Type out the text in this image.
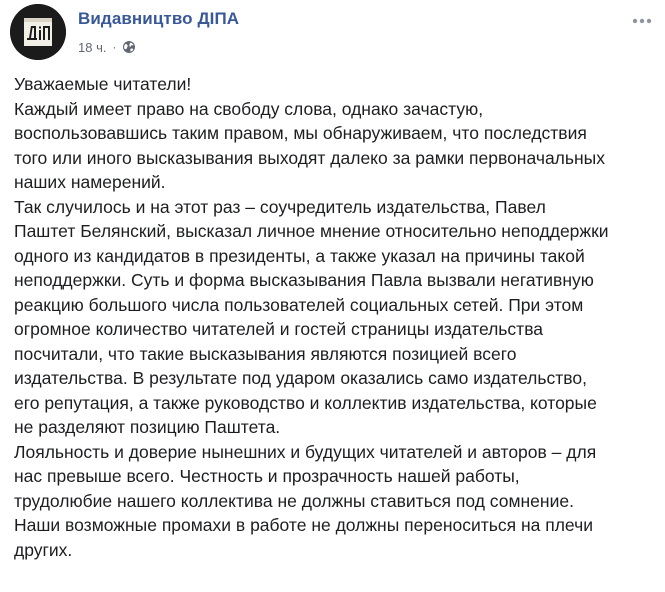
Видавництво ДІПА
18 ч. ·

Уважаемые читатели!

Каждый имеет право на свободу слова, однако зачастую,

воспользовавшись таким правом, мы обнаруживаем, что последствия

того или иного высказывания выходят далеко за рамки первоначальных

наших намерений.

Так случилось и на этот раз – соучредитель издательства, Павел

Паштет Белянский, высказал личное мнение относительно неподдержки

одного из кандидатов в президенты, а также указал на причины такой

неподдержки. Суть и форма высказывания Павла вызвали негативную

реакцию большого числа пользователей социальных сетей. При этом

огромное количество читателей и гостей страницы издательства

посчитали, что такие высказывания являются позицией всего

издательства. В результате под ударом оказались само издательство,

его репутация, а также руководство и коллектив издательства, которые

не разделяют позицию Паштета.

Лояльность и доверие нынешних и будущих читателей и авторов – для

нас превыше всего. Честность и прозрачность нашей работы,

трудолюбие нашего коллектива не должны ставиться под сомнение.

Наши возможные промахи в работе не должны переноситься на плечи

других.
